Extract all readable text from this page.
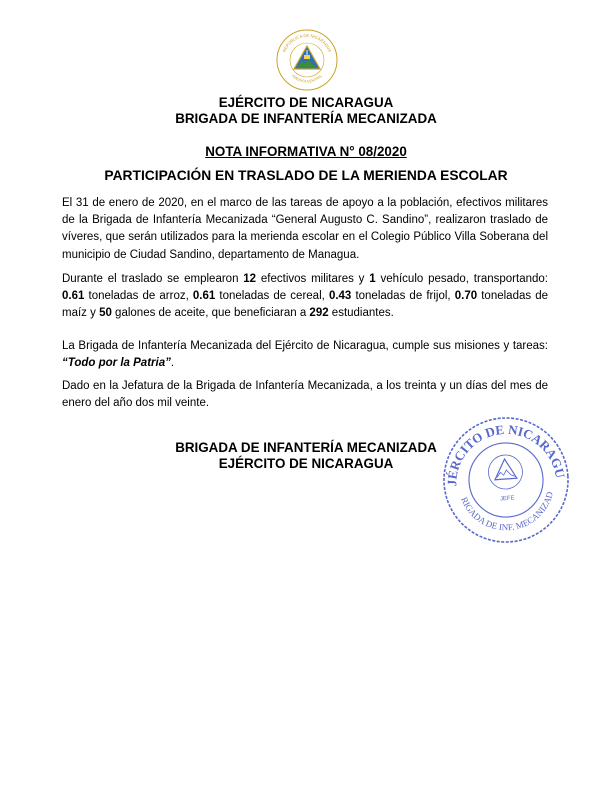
REPÚBLICA DE NICARAGUA
AMÉRICA CENTRAL
EJÉRCITO DE NICARAGUA
BRIGADA DE INFANTERÍA MECANIZADA
NOTA INFORMATIVA N° 08/2020
PARTICIPACIÓN EN TRASLADO DE LA MERIENDA ESCOLAR

El 31 de enero de 2020, en el marco de las tareas de apoyo a la población, efectivos militares de la Brigada de Infantería Mecanizada “General Augusto C. Sandino”, realizaron traslado de víveres, que serán utilizados para la merienda escolar en el Colegio Público Villa Soberana del municipio de Ciudad Sandino, departamento de Managua.

Durante el traslado se emplearon 12 efectivos militares y 1 vehículo pesado, transportando: 0.61 toneladas de arroz, 0.61 toneladas de cereal, 0.43 toneladas de frijol, 0.70 toneladas de maíz y 50 galones de aceite, que beneficiaran a 292 estudiantes.

La Brigada de Infantería Mecanizada del Ejército de Nicaragua, cumple sus misiones y tareas: “Todo por la Patria”.

Dado en la Jefatura de la Brigada de Infantería Mecanizada, a los treinta y un días del mes de enero del año dos mil veinte.

BRIGADA DE INFANTERÍA MECANIZADA
EJÉRCITO DE NICARAGUA
EJÉRCITO DE NICARAGUA
BRIGADA DE INF. MECANIZADA
JEFE
